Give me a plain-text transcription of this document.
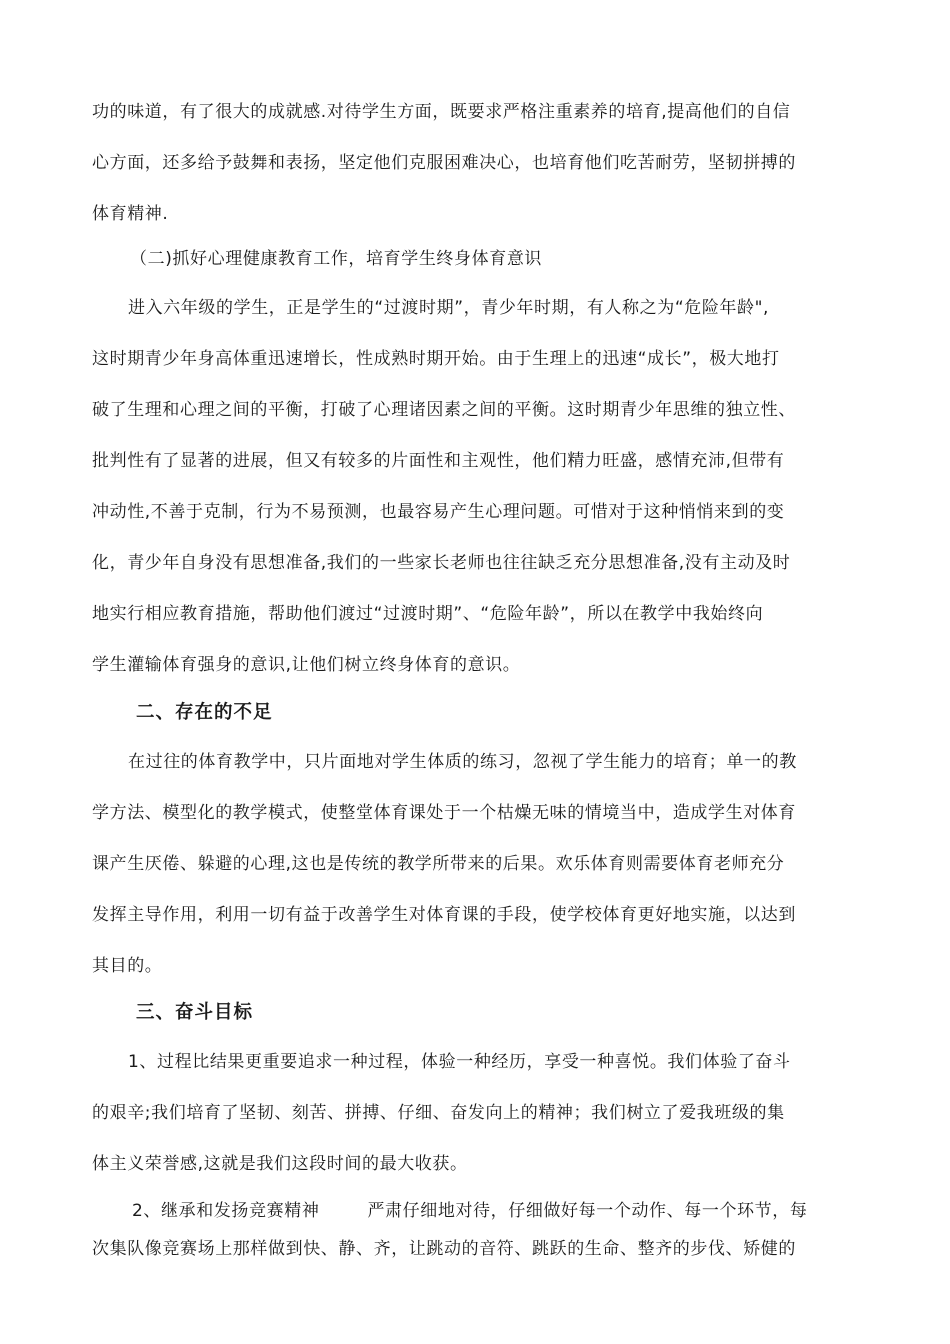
功的味道，有了很大的成就感.对待学生方面，既要求严格注重素养的培育,提高他们的自信
心方面，还多给予鼓舞和表扬，坚定他们克服困难决心，也培育他们吃苦耐劳，坚韧拼搏的
体育精神.
（二)抓好心理健康教育工作，培育学生终身体育意识
进入六年级的学生，正是学生的“过渡时期”，青少年时期，有人称之为“危险年龄",
这时期青少年身高体重迅速增长，性成熟时期开始。由于生理上的迅速“成长”，极大地打
破了生理和心理之间的平衡，打破了心理诸因素之间的平衡。这时期青少年思维的独立性、
批判性有了显著的进展，但又有较多的片面性和主观性，他们精力旺盛，感情充沛,但带有
冲动性,不善于克制，行为不易预测，也最容易产生心理问题。可惜对于这种悄悄来到的变
化，青少年自身没有思想准备,我们的一些家长老师也往往缺乏充分思想准备,没有主动及时
地实行相应教育措施，帮助他们渡过“过渡时期”、“危险年龄”，所以在教学中我始终向
学生灌输体育强身的意识,让他们树立终身体育的意识。
二、存在的不足
在过往的体育教学中，只片面地对学生体质的练习，忽视了学生能力的培育；单一的教
学方法、模型化的教学模式，使整堂体育课处于一个枯燥无味的情境当中，造成学生对体育
课产生厌倦、躲避的心理,这也是传统的教学所带来的后果。欢乐体育则需要体育老师充分
发挥主导作用，利用一切有益于改善学生对体育课的手段，使学校体育更好地实施，以达到
其目的。
三、奋斗目标
1、过程比结果更重要追求一种过程，体验一种经历，享受一种喜悦。我们体验了奋斗
的艰辛;我们培育了坚韧、刻苦、拼搏、仔细、奋发向上的精神；我们树立了爱我班级的集
体主义荣誉感,这就是我们这段时间的最大收获。
2、继承和发扬竞赛精神        严肃仔细地对待，仔细做好每一个动作、每一个环节，每
次集队像竞赛场上那样做到快、静、齐，让跳动的音符、跳跃的生命、整齐的步伐、矫健的
